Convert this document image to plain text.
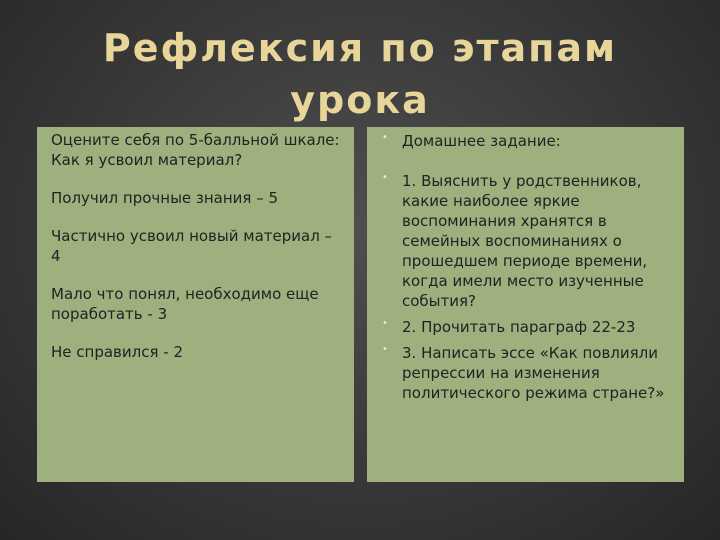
Рефлексия по этапам
урока

Оцените себя по 5-балльной шкале: Как я усвоил материал?

Получил прочные знания – 5

Частично усвоил новый материал – 4

Мало что понял, необходимо еще

поработать - 3

Не справился - 2

• Домашнее задание:
• 1. Выяснить у родственников, какие наиболее яркие воспоминания хранятся в семейных воспоминаниях о прошедшем периоде времени, когда имели место изученные события?
• 2. Прочитать параграф 22-23
• 3. Написать эссе «Как повлияли репрессии на изменения политического режима стране?»
